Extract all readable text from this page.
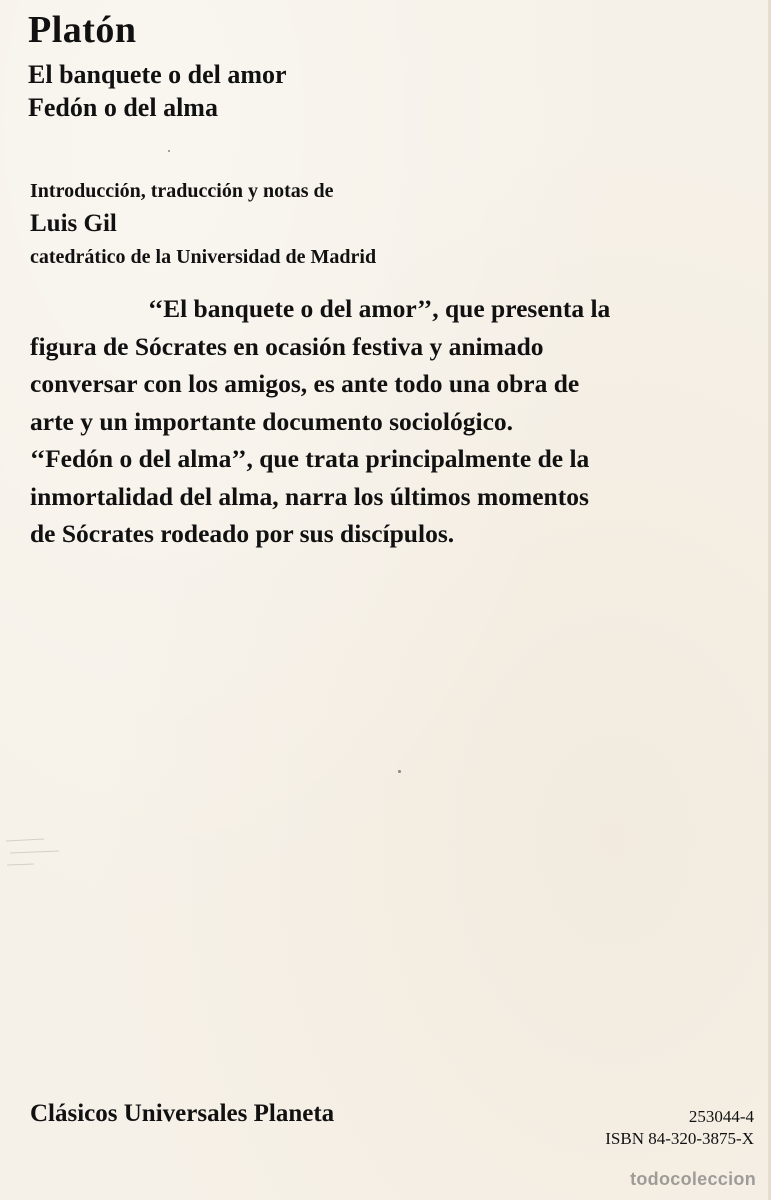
Platón
El banquete o del amor
Fedón o del alma
Introducción, traducción y notas de
Luis Gil
catedrático de la Universidad de Madrid
‘‘El banquete o del amor’’, que presenta la
figura de Sócrates en ocasión festiva y animado
conversar con los amigos, es ante todo una obra de
arte y un importante documento sociológico.
‘‘Fedón o del alma’’, que trata principalmente de la
inmortalidad del alma, narra los últimos momentos
de Sócrates rodeado por sus discípulos.
Clásicos Universales Planeta	253044-4
ISBN 84-320-3875-X
todocoleccion
